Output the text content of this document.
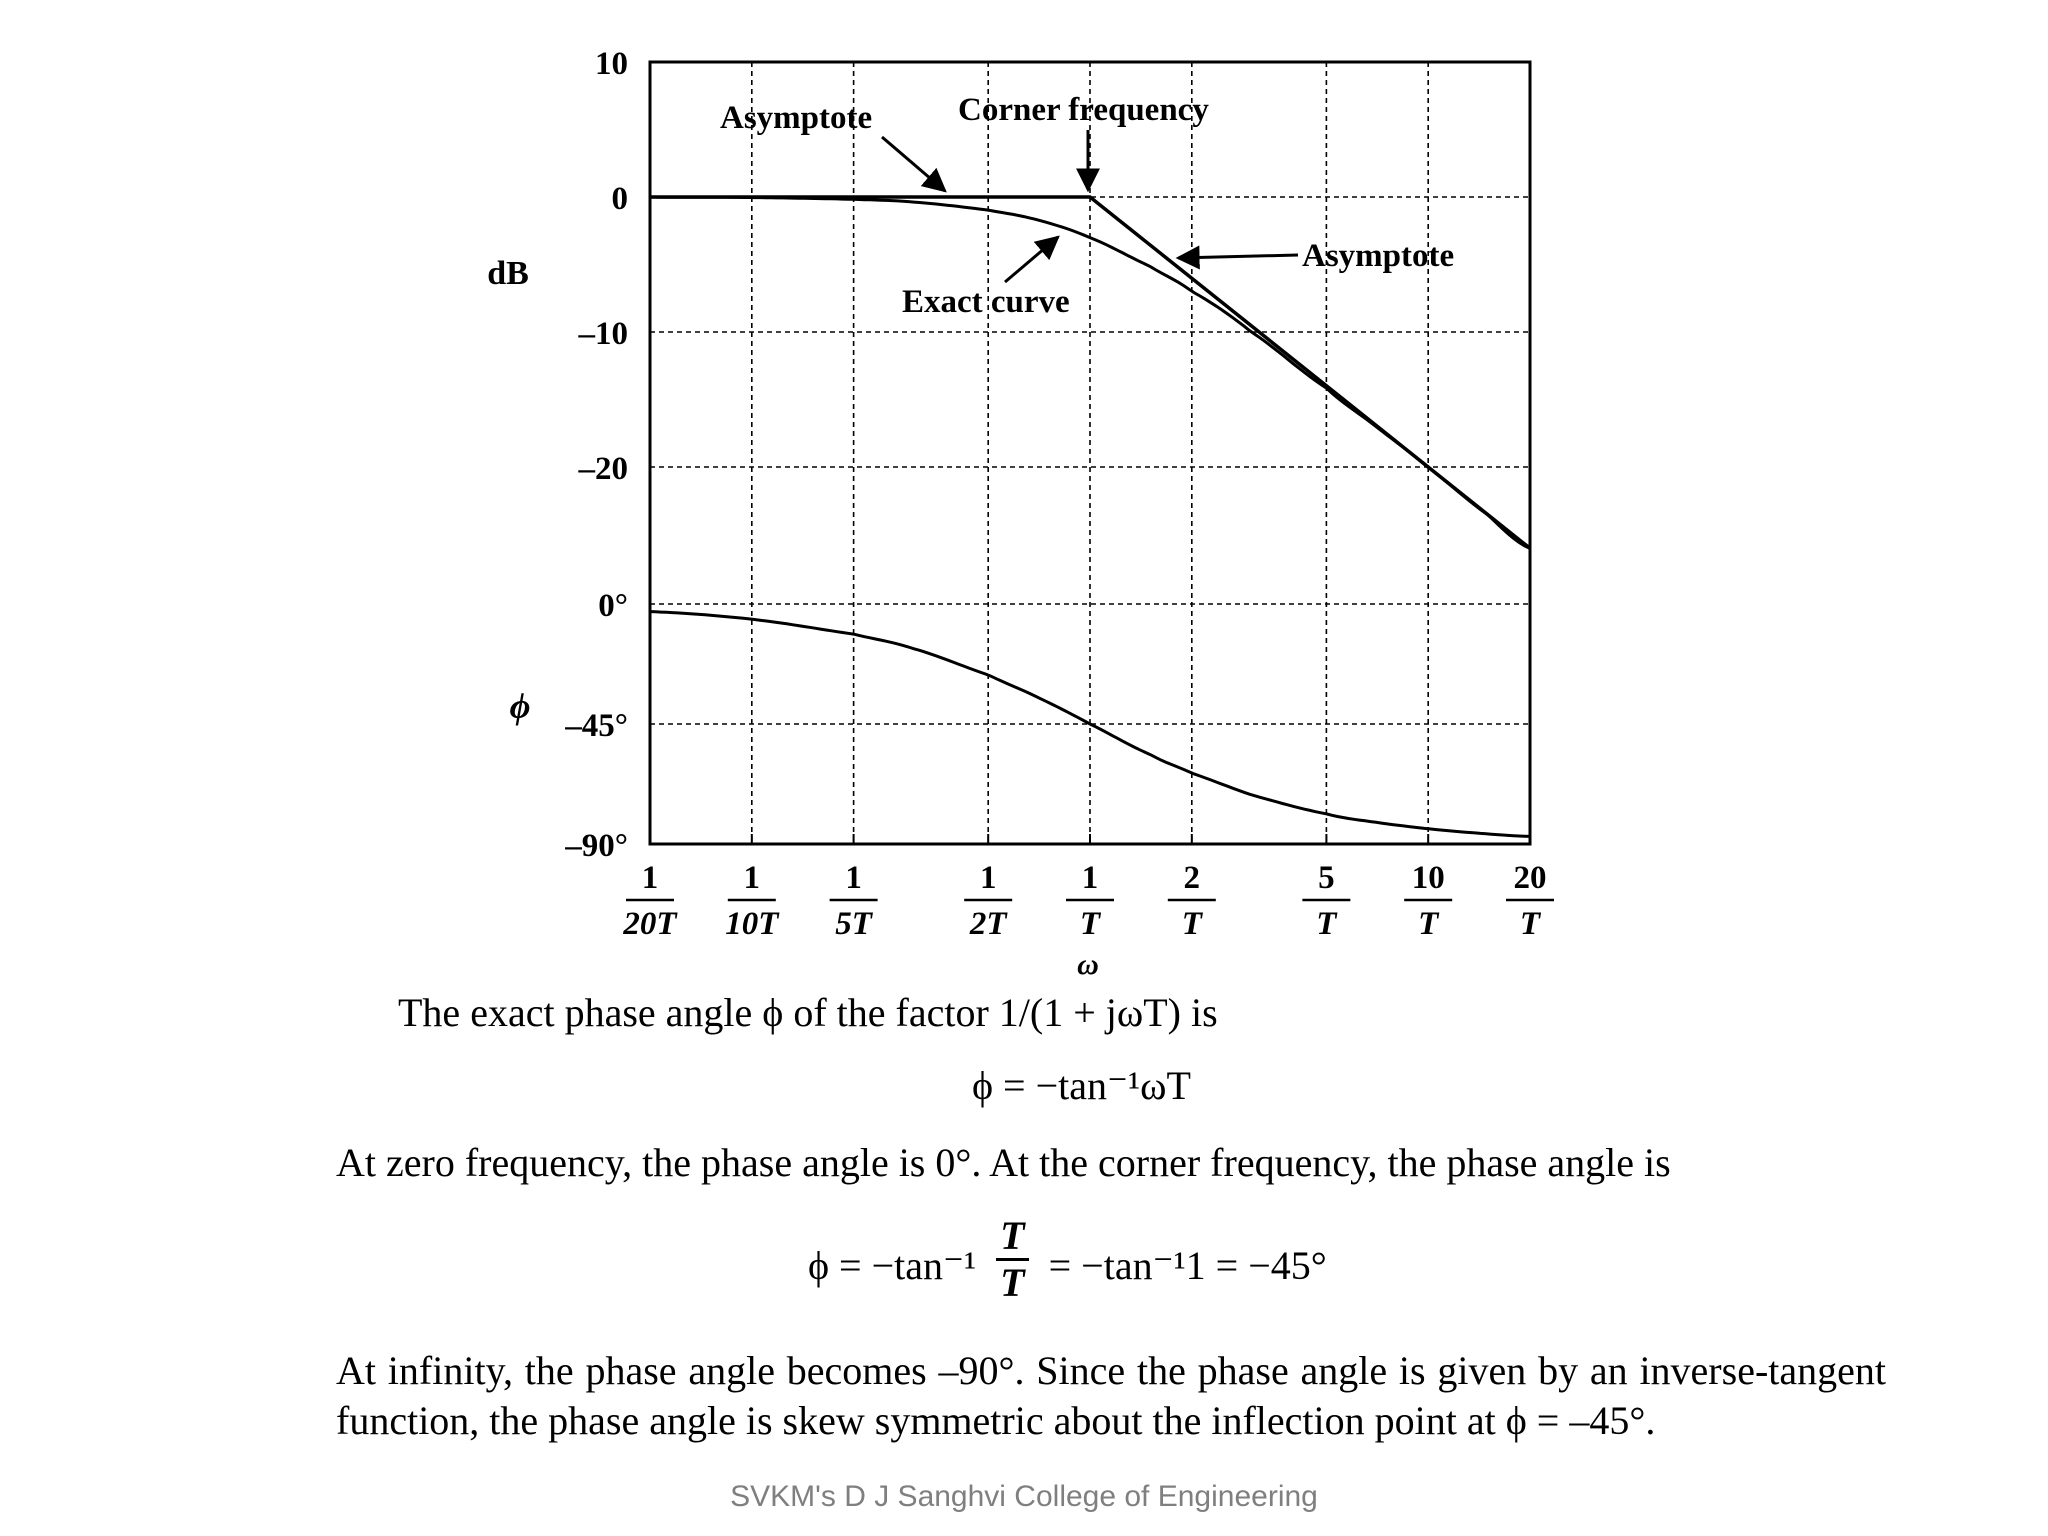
10
0
–10
–20
0°
–45°
–90°
1
20T
1
10T
1
5T
1
2T
1
T
2
T
5
T
10
T
20
T
Asymptote	Corner frequency
Asymptote
Exact curve
dB
ϕ
ω

The exact phase angle ϕ of the factor 1/(1 + jωT) is

ϕ = −tan⁻¹ωT

At zero frequency, the phase angle is 0°. At the corner frequency, the phase angle is

$\phi = -\tan^{-1} \frac{T}{T} = -\tan^{-1}1 = -45^\circ$

At infinity, the phase angle becomes –90°. Since the phase angle is given by an inverse-tangent function, the phase angle is skew symmetric about the inflection point at ϕ = –45°.

SVKM's D J Sanghvi College of Engineering
